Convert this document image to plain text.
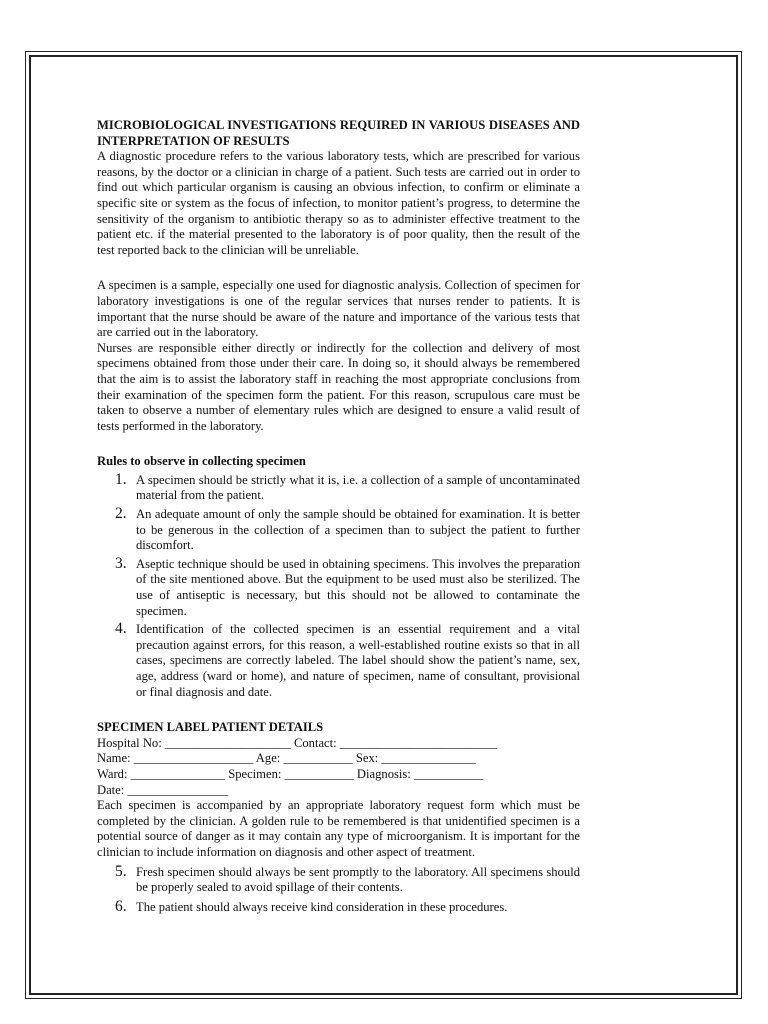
MICROBIOLOGICAL INVESTIGATIONS REQUIRED IN VARIOUS DISEASES AND INTERPRETATION OF RESULTS

A diagnostic procedure refers to the various laboratory tests, which are prescribed for various reasons, by the doctor or a clinician in charge of a patient. Such tests are carried out in order to find out which particular organism is causing an obvious infection, to confirm or eliminate a specific site or system as the focus of infection, to monitor patient’s progress, to determine the sensitivity of the organism to antibiotic therapy so as to administer effective treatment to the patient etc. if the material presented to the laboratory is of poor quality, then the result of the test reported back to the clinician will be unreliable.

A specimen is a sample, especially one used for diagnostic analysis. Collection of specimen for laboratory investigations is one of the regular services that nurses render to patients. It is important that the nurse should be aware of the nature and importance of the various tests that are carried out in the laboratory.

Nurses are responsible either directly or indirectly for the collection and delivery of most specimens obtained from those under their care. In doing so, it should always be remembered that the aim is to assist the laboratory staff in reaching the most appropriate conclusions from their examination of the specimen form the patient. For this reason, scrupulous care must be taken to observe a number of elementary rules which are designed to ensure a valid result of tests performed in the laboratory.

Rules to observe in collecting specimen

1. A specimen should be strictly what it is, i.e. a collection of a sample of uncontaminated material from the patient.
2. An adequate amount of only the sample should be obtained for examination. It is better to be generous in the collection of a specimen than to subject the patient to further discomfort.
3. Aseptic technique should be used in obtaining specimens. This involves the preparation of the site mentioned above. But the equipment to be used must also be sterilized. The use of antiseptic is necessary, but this should not be allowed to contaminate the specimen.
4. Identification of the collected specimen is an essential requirement and a vital precaution against errors, for this reason, a well-established routine exists so that in all cases, specimens are correctly labeled. The label should show the patient’s name, sex, age, address (ward or home), and nature of specimen, name of consultant, provisional or final diagnosis and date.

SPECIMEN LABEL PATIENT DETAILS

Hospital No: ____________________ Contact: _________________________

Name: ___________________ Age: ___________ Sex: _______________

Ward: _______________ Specimen: ___________ Diagnosis: ___________

Date: ________________

Each specimen is accompanied by an appropriate laboratory request form which must be completed by the clinician. A golden rule to be remembered is that unidentified specimen is a potential source of danger as it may contain any type of microorganism. It is important for the clinician to include information on diagnosis and other aspect of treatment.

5. Fresh specimen should always be sent promptly to the laboratory. All specimens should be properly sealed to avoid spillage of their contents.
6. The patient should always receive kind consideration in these procedures.
